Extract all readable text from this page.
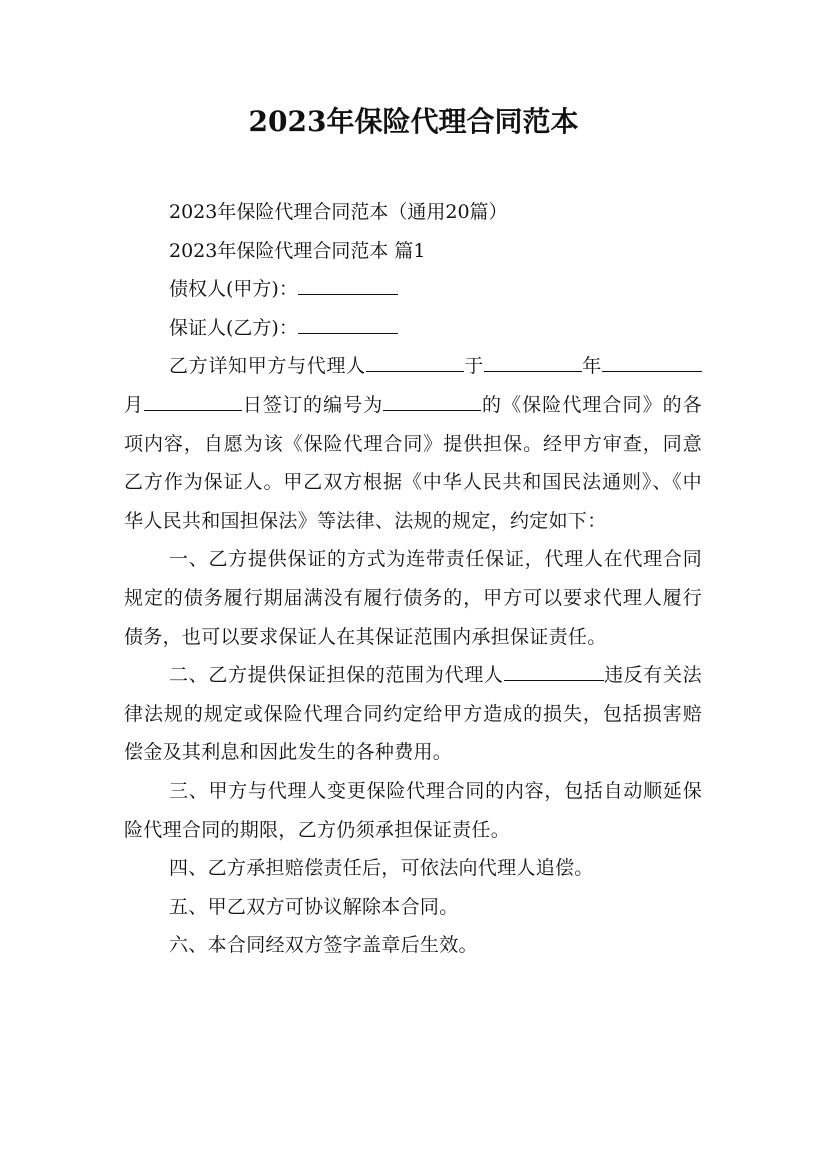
2023年保险代理合同范本

2023年保险代理合同范本（通用20篇）

2023年保险代理合同范本 篇1

债权人(甲方)：

保证人(乙方)：

乙方详知甲方与代理人	于	年月	日签订的编号为	的《保险代理合同》的各项内容，自愿为该《保险代理合同》提供担保。经甲方审查，同意乙方作为保证人。甲乙双方根据《中华人民共和国民法通则》、《中华人民共和国担保法》等法律、法规的规定，约定如下：

一、乙方提供保证的方式为连带责任保证，代理人在代理合同规定的债务履行期届满没有履行债务的，甲方可以要求代理人履行债务，也可以要求保证人在其保证范围内承担保证责任。

二、乙方提供保证担保的范围为代理人	违反有关法律法规的规定或保险代理合同约定给甲方造成的损失，包括损害赔偿金及其利息和因此发生的各种费用。

三、甲方与代理人变更保险代理合同的内容，包括自动顺延保险代理合同的期限，乙方仍须承担保证责任。

四、乙方承担赔偿责任后，可依法向代理人追偿。

五、甲乙双方可协议解除本合同。

六、本合同经双方签字盖章后生效。
